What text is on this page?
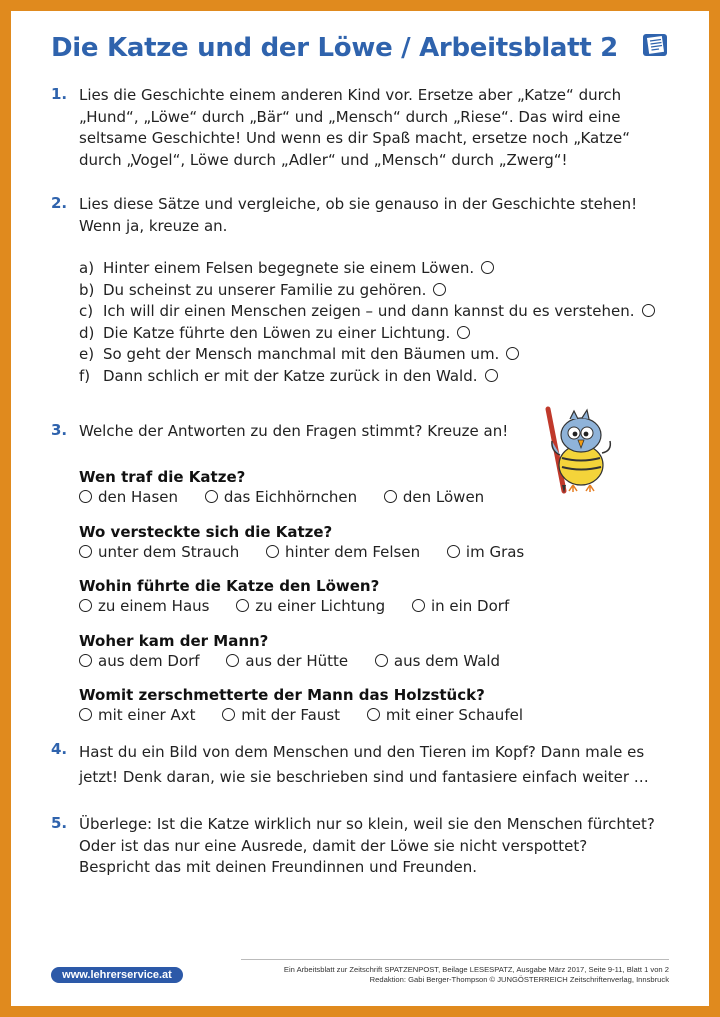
Die Katze und der Löwe / Arbeitsblatt 2
1. Lies die Geschichte einem anderen Kind vor. Ersetze aber „Katze“ durch
„Hund“, „Löwe“ durch „Bär“ und „Mensch“ durch „Riese“. Das wird eine
seltsame Geschichte! Und wenn es dir Spaß macht, ersetze noch „Katze“
durch „Vogel“, Löwe durch „Adler“ und „Mensch“ durch „Zwerg“!
2. Lies diese Sätze und vergleiche, ob sie genauso in der Geschichte stehen!
Wenn ja, kreuze an.
a) Hinter einem Felsen begegnete sie einem Löwen.
b) Du scheinst zu unserer Familie zu gehören.
c) Ich will dir einen Menschen zeigen – und dann kannst du es verstehen.
d) Die Katze führte den Löwen zu einer Lichtung.
e) So geht der Mensch manchmal mit den Bäumen um.
f) Dann schlich er mit der Katze zurück in den Wald.
3. Welche der Antworten zu den Fragen stimmt? Kreuze an!
Wen traf die Katze?
den Hasen	das Eichhörnchen	den Löwen
Wo versteckte sich die Katze?
unter dem Strauch	hinter dem Felsen	im Gras
Wohin führte die Katze den Löwen?
zu einem Haus	zu einer Lichtung	in ein Dorf
Woher kam der Mann?
aus dem Dorf	aus der Hütte	aus dem Wald
Womit zerschmetterte der Mann das Holzstück?
mit einer Axt	mit der Faust	mit einer Schaufel
4. Hast du ein Bild von dem Menschen und den Tieren im Kopf? Dann male es
jetzt! Denk daran, wie sie beschrieben sind und fantasiere einfach weiter …
5. Überlege: Ist die Katze wirklich nur so klein, weil sie den Menschen fürchtet?
Oder ist das nur eine Ausrede, damit der Löwe sie nicht verspottet?
Bespricht das mit deinen Freundinnen und Freunden.
www.lehrerservice.at	Ein Arbeitsblatt zur Zeitschrift SPATZENPOST, Beilage LESESPATZ, Ausgabe März 2017, Seite 9-11, Blatt 1 von 2
Redaktion: Gabi Berger-Thompson © JUNGÖSTERREICH Zeitschriftenverlag, Innsbruck
